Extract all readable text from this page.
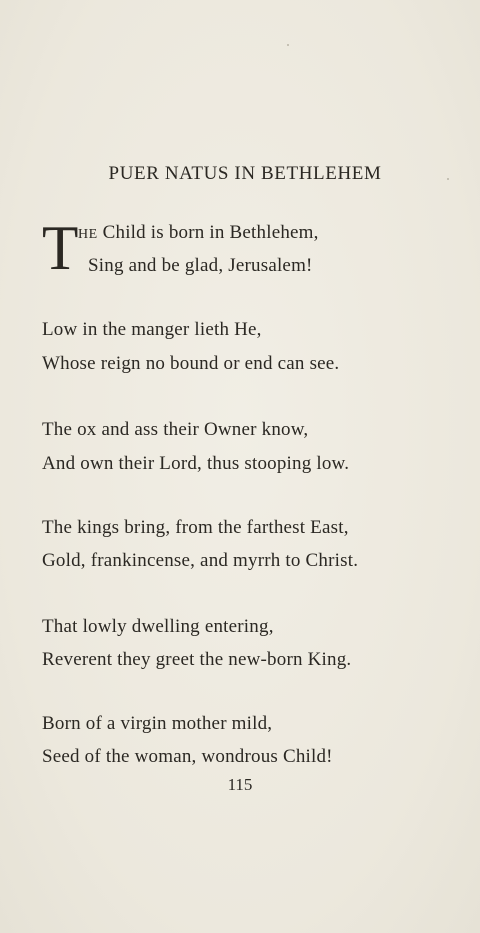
PUER NATUS IN BETHLEHEM
T HE Child is born in Bethlehem,
Sing and be glad, Jerusalem!
Low in the manger lieth He,
Whose reign no bound or end can see.
The ox and ass their Owner know,
And own their Lord, thus stooping low.
The kings bring, from the farthest East,
Gold, frankincense, and myrrh to Christ.
That lowly dwelling entering,
Reverent they greet the new-born King.
Born of a virgin mother mild,
Seed of the woman, wondrous Child!
115
